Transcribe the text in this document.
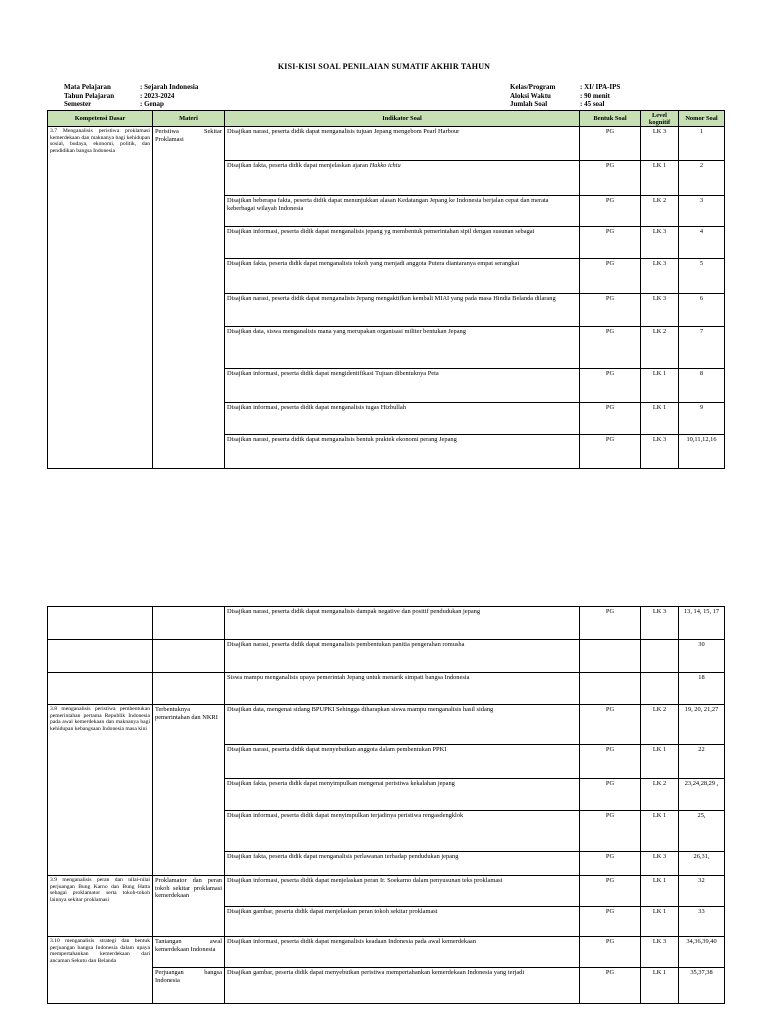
KISI-KISI SOAL PENILAIAN SUMATIF AKHIR TAHUN
Mata Pelajaran	: Sejarah Indonesia
Tahun Pelajaran	: 2023-2024
Semester	: Genap
Kelas/Program	: XI/ IPA-IPS
Aloksi Waktu	: 90 menit
Jumlah Soal	: 45 soal
Kompetensi Dasar	Materi	Indikator Soal	Bentuk Soal	Level kognitif	Nomor Soal
3.7 Menganalisis peristiwa proklamasi kemerdekaan dan maknanya bagi kehidupan sosial, budaya, ekonomi, politik, dan pendidikan bangsa Indonesia	Peristiwa Sekitar Proklamasi	Disajikan narasi, peserta didik dapat menganalisis tujuan Jepang mengebom Pearl Harbour	PG	LK 3	1
		Disajikan fakta, peserta didik dapat menjelaskan ajaran Hakko ichiu	PG	LK 1	2
		Disajikan beberapa fakta, peserta didik dapat menunjukkan alasan Kedatangan Jepang ke Indonesia berjalan cepat dan merata keberbagai wilayah Indonesia	PG	LK 2	3
		Disajikan informasi, peserta didik dapat menganalisis jepang yg membentuk pemerintahan sipil dengan susunan sebagai	PG	LK 3	4
		Disajikan fakta, peserta didik dapat menganalisis tokoh yang menjadi anggota Putera diantaranya empat serangkai	PG	LK 3	5
		Disajikan narasi, peserta didik dapat menganalisis Jepang mengaktifkan kembali MIAI yang pada masa Hindia Belanda dilarang	PG	LK 3	6
		Disajikan data, siswa menganalisis mana yang merupakan organisasi militer bentukan Jepang	PG	LK 2	7
		Disajikan informasi, peserta didik dapat mengidentifikasi Tujuan dibentuknya Peta	PG	LK 1	8
		Disajikan informasi, peserta didik dapat menganalisis tugas Hizbullah	PG	LK 1	9
		Disajikan narasi, peserta didik dapat menganalisis bentuk praktek ekonomi perang Jepang	PG	LK 3	10,11,12,16
		Disajikan narasi, peserta didik dapat menganalisis dampak negative dan positif pendudukan jepang	PG	LK 3	13, 14, 15, 17
		Disajikan narasi, peserta didik dapat menganalisis pembentukan panitia pengerahan romusha			30
		Siswa mampu menganalisis upaya pemerintah Jepang untuk menarik simpati bangsa Indonesia			18
3.8 menganalisis peristiwa pembentukan pemerintahan pertama Republik Indonesia pada awal kemerdekaan dan maknanya bagi kehidupan kebangsaan Indonesia masa kini	Terbentuknya pemerintahan dan NKRI	Disajikan data, mengenai sidang BPUPKI Sehingga diharapkan siswa mampu menganalisis hasil sidang	PG	LK 2	19, 20, 21,27
		Disajikan narasi, peserta didik dapat menyebutkan anggota dalam pembentukan PPKI	PG	LK 1	22
		Disajikan fakta, peserta didik dapat menyimpulkan mengenai peristiwa kekalahan jepang	PG	LK 2	23,24,28,29 ,
		Disajikan informasi, peserta didik dapat menyimpulkan terjadinya peristiwa rengasdengklok	PG	LK 1	25,
		Disajikan fakta, peserta didik dapat menganalisis perlawanan terhadap pendudukan jepang	PG	LK 3	26,31,
3.9 menganalisis peran dan nilai-nilai perjuangan Bung Karno dan Bung Hatta sebagai proklamator serta tokoh-tokoh lainnya sekitar proklamasi	Proklamator dan peran tokoh sekitar proklamasi kemerdekaan	Disajikan informasi, peserta didik dapat menjelaskan peran Ir. Soekarno dalam penyusunan teks proklamasi	PG	LK 1	32
		Disajikan gambar, peserta didik dapat menjelaskan peran tokoh sekitar proklamasi	PG	LK 1	33
3.10 menganalisis strategi dan bentuk perjuangan bangsa Indonesia dalam upaya mempertahankan kemerdekaan dari ancaman Sekutu dan Belanda	Tantangan awal kemerdekaan Indonesia	Disajikan informasi, peserta didik dapat menganalisis keadaan Indonesia pada awal kemerdekaan	PG	LK 3	34,36,39,40
	Perjuangan bangsa Indonesia	Disajikan gambar, peserta didik dapat menyebutkan peristiwa mempertahankan kemerdekaan Indonesia yang terjadi	PG	LK 1	35,37,38
